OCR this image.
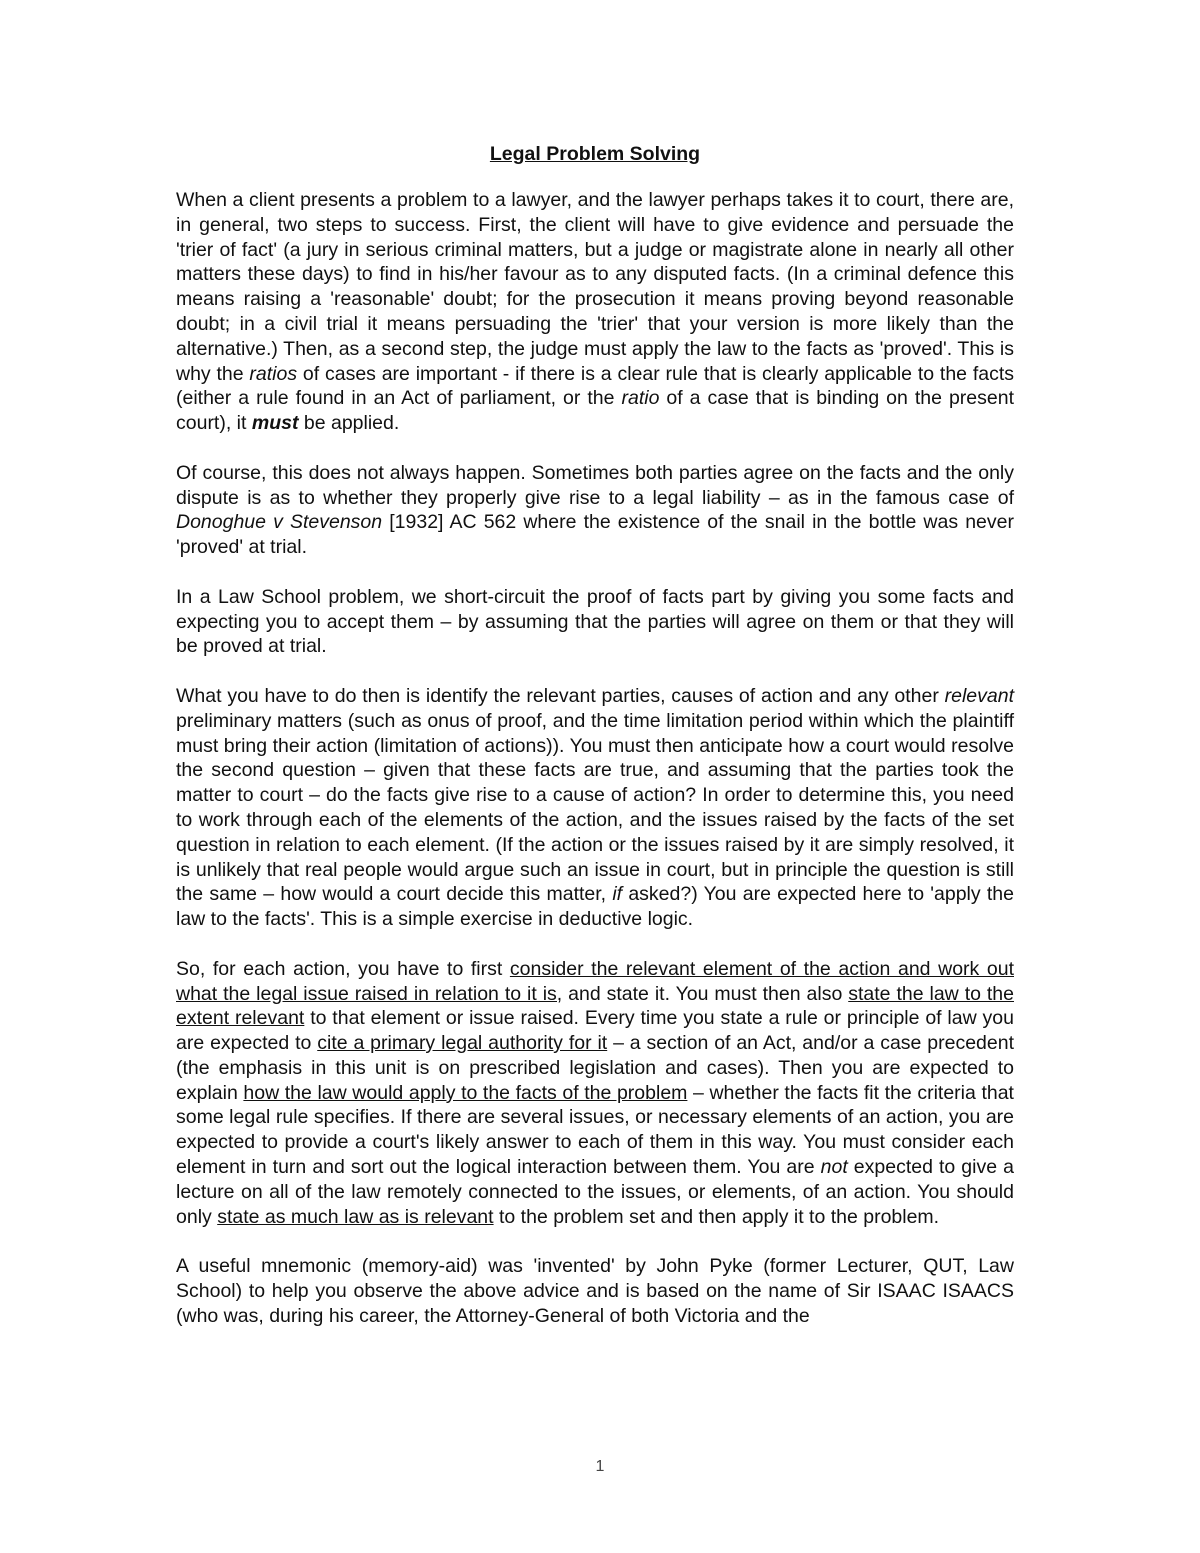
Legal Problem Solving

When a client presents a problem to a lawyer, and the lawyer perhaps takes it to court, there are, in general, two steps to success. First, the client will have to give evidence and persuade the 'trier of fact' (a jury in serious criminal matters, but a judge or magistrate alone in nearly all other matters these days) to find in his/her favour as to any disputed facts. (In a criminal defence this means raising a 'reasonable' doubt; for the prosecution it means proving beyond reasonable doubt; in a civil trial it means persuading the 'trier' that your version is more likely than the alternative.) Then, as a second step, the judge must apply the law to the facts as 'proved'. This is why the ratios of cases are important - if there is a clear rule that is clearly applicable to the facts (either a rule found in an Act of parliament, or the ratio of a case that is binding on the present court), it must be applied.

Of course, this does not always happen. Sometimes both parties agree on the facts and the only dispute is as to whether they properly give rise to a legal liability – as in the famous case of Donoghue v Stevenson [1932] AC 562 where the existence of the snail in the bottle was never 'proved' at trial.

In a Law School problem, we short-circuit the proof of facts part by giving you some facts and expecting you to accept them – by assuming that the parties will agree on them or that they will be proved at trial.

What you have to do then is identify the relevant parties, causes of action and any other relevant preliminary matters (such as onus of proof, and the time limitation period within which the plaintiff must bring their action (limitation of actions)). You must then anticipate how a court would resolve the second question – given that these facts are true, and assuming that the parties took the matter to court – do the facts give rise to a cause of action? In order to determine this, you need to work through each of the elements of the action, and the issues raised by the facts of the set question in relation to each element. (If the action or the issues raised by it are simply resolved, it is unlikely that real people would argue such an issue in court, but in principle the question is still the same – how would a court decide this matter, if asked?) You are expected here to 'apply the law to the facts'. This is a simple exercise in deductive logic.

So, for each action, you have to first consider the relevant element of the action and work out what the legal issue raised in relation to it is, and state it. You must then also state the law to the extent relevant to that element or issue raised. Every time you state a rule or principle of law you are expected to cite a primary legal authority for it – a section of an Act, and/or a case precedent (the emphasis in this unit is on prescribed legislation and cases). Then you are expected to explain how the law would apply to the facts of the problem – whether the facts fit the criteria that some legal rule specifies. If there are several issues, or necessary elements of an action, you are expected to provide a court's likely answer to each of them in this way. You must consider each element in turn and sort out the logical interaction between them. You are not expected to give a lecture on all of the law remotely connected to the issues, or elements, of an action. You should only state as much law as is relevant to the problem set and then apply it to the problem.

A useful mnemonic (memory-aid) was 'invented' by John Pyke (former Lecturer, QUT, Law School) to help you observe the above advice and is based on the name of Sir ISAAC ISAACS (who was, during his career, the Attorney-General of both Victoria and the

1
